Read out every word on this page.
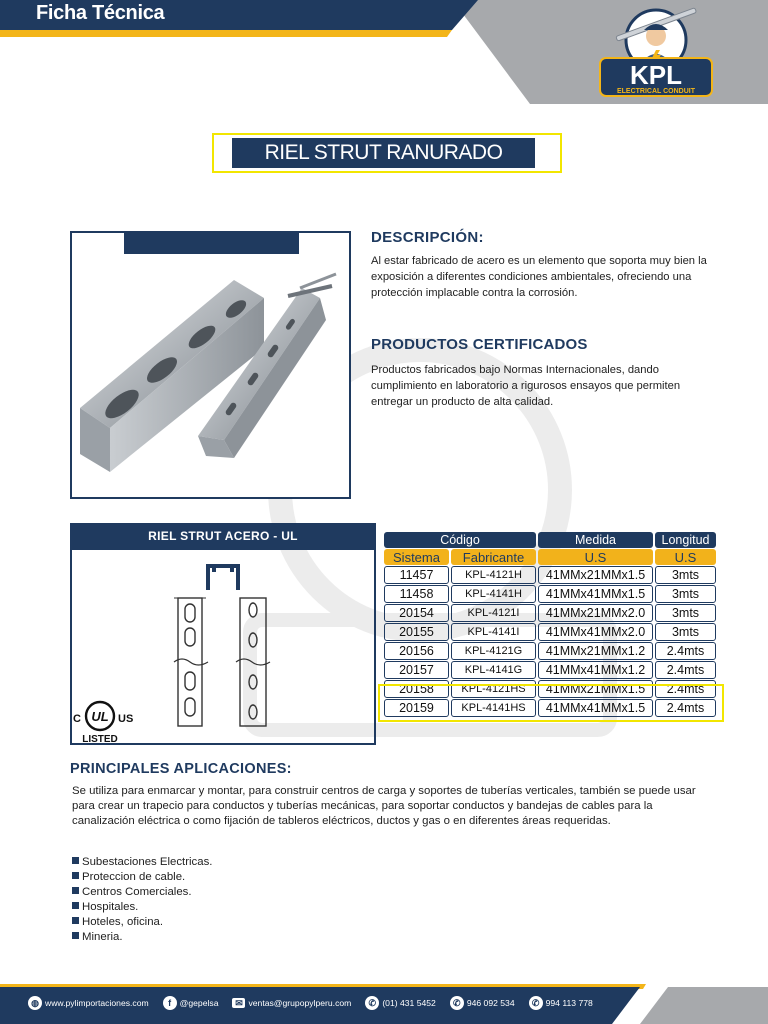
Ficha Técnica
KPL
ELECTRICAL CONDUIT
RIEL STRUT RANURADO
DESCRIPCIÓN:
Al estar fabricado de acero es un elemento que soporta muy bien la exposición a diferentes condiciones ambientales, ofreciendo una protección implacable contra la corrosión.
PRODUCTOS CERTIFICADOS
Productos fabricados bajo Normas Internacionales, dando cumplimiento en laboratorio a rigurosos ensayos que permiten entregar un producto de alta calidad.
RIEL STRUT ACERO - UL
UL
C	US
LISTED
Código		Medida	Longitud
Sistema	Fabricante	U.S	U.S
11457	KPL-4121H	41MMx21MMx1.5	3mts
11458	KPL-4141H	41MMx41MMx1.5	3mts
20154	KPL-4121I	41MMx21MMx2.0	3mts
20155	KPL-4141I	41MMx41MMx2.0	3mts
20156	KPL-4121G	41MMx21MMx1.2	2.4mts
20157	KPL-4141G	41MMx41MMx1.2	2.4mts
20158	KPL-4121HS	41MMx21MMx1.5	2.4mts
20159	KPL-4141HS	41MMx41MMx1.5	2.4mts
PRINCIPALES APLICACIONES:
Se utiliza para enmarcar y montar, para construir centros de carga y soportes de tuberías verticales, también se puede usar para crear un trapecio para conductos y tuberías mecánicas, para soportar conductos y bandejas de cables para la canalización eléctrica o como fijación de tableros eléctricos, ductos y gas o en diferentes áreas requeridas.
Subestaciones Electricas.
Proteccion de cable.
Centros Comerciales.
Hospitales.
Hoteles, oficina.
Mineria.
◍ www.pylimportaciones.com	f @gepelsa	✉ ventas@grupopylperu.com	✆ (01) 431 5452	✆ 946 092 534	✆ 994 113 778
